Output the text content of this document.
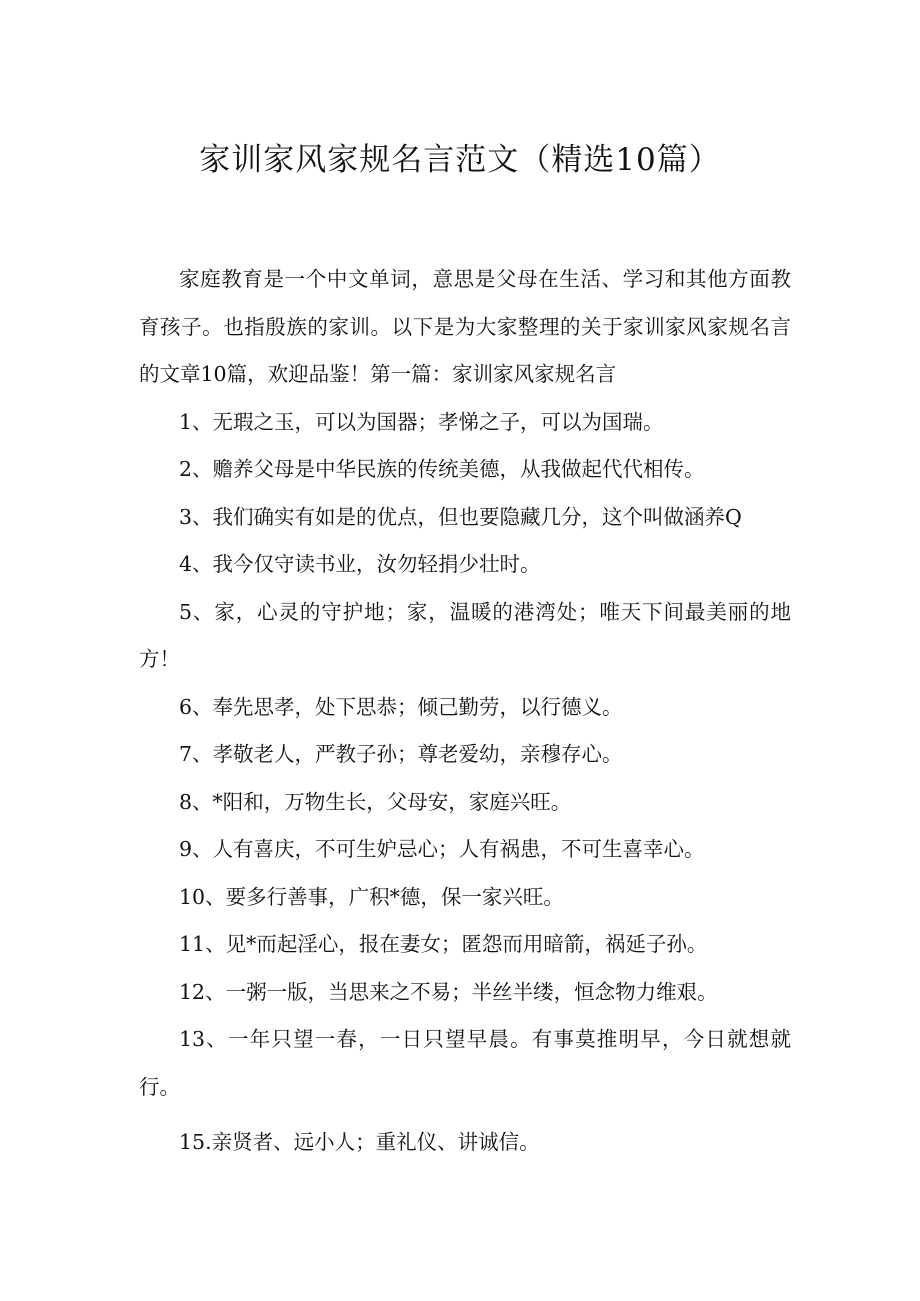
家训家风家规名言范文（精选10篇）

家庭教育是一个中文单词，意思是父母在生活、学习和其他方面教育孩子。也指殷族的家训。以下是为大家整理的关于家训家风家规名言的文章10篇，欢迎品鉴！第一篇：家训家风家规名言

1、无瑕之玉，可以为国器；孝悌之子，可以为国瑞。

2、赡养父母是中华民族的传统美德，从我做起代代相传。

3、我们确实有如是的优点，但也要隐藏几分，这个叫做涵养Q

4、我今仅守读书业，汝勿轻捐少壮时。

5、家，心灵的守护地；家，温暖的港湾处；唯天下间最美丽的地方！

6、奉先思孝，处下思恭；倾己勤劳，以行德义。

7、孝敬老人，严教子孙；尊老爱幼，亲穆存心。

8、*阳和，万物生长，父母安，家庭兴旺。

9、人有喜庆，不可生妒忌心；人有祸患，不可生喜幸心。

10、要多行善事，广积*德，保一家兴旺。

11、见*而起淫心，报在妻女；匿怨而用暗箭，祸延子孙。

12、一粥一版，当思来之不易；半丝半缕，恒念物力维艰。

13、一年只望一春，一日只望早晨。有事莫推明早，今日就想就行。

15.亲贤者、远小人；重礼仪、讲诚信。
